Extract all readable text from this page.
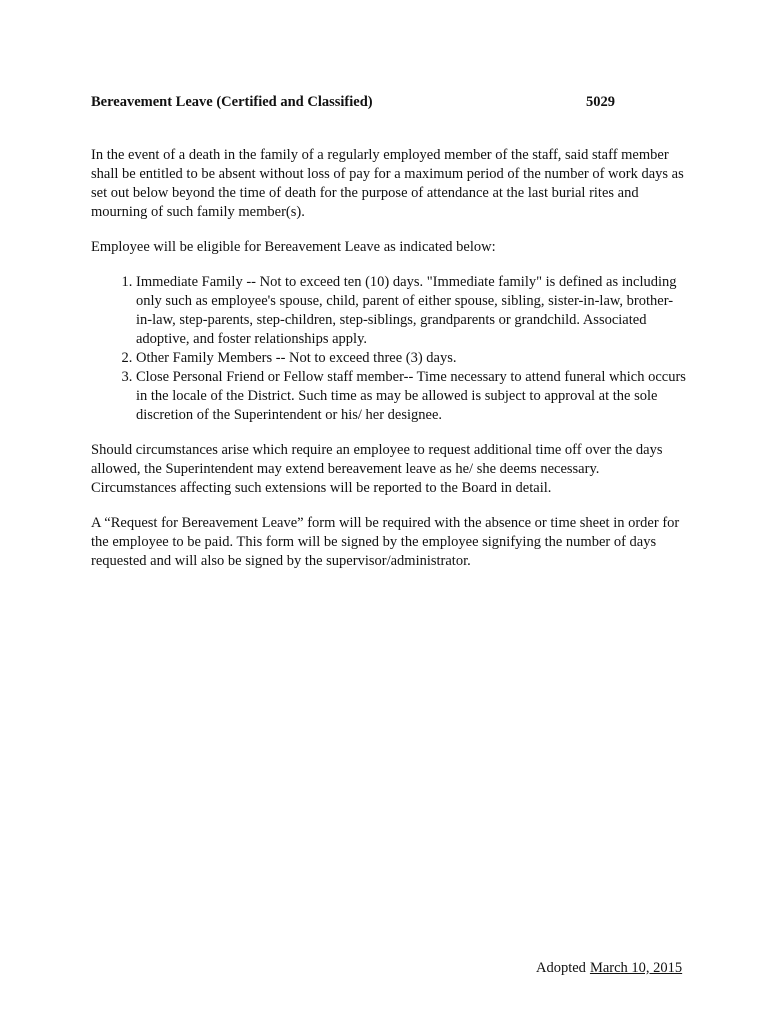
Bereavement Leave (Certified and Classified)	5029

In the event of a death in the family of a regularly employed member of the staff, said staff member shall be entitled to be absent without loss of pay for a maximum period of the number of work days as set out below beyond the time of death for the purpose of attendance at the last burial rites and mourning of such family member(s).

Employee will be eligible for Bereavement Leave as indicated below:

1. Immediate Family -- Not to exceed ten (10) days. "Immediate family" is defined as including only such as employee's spouse, child, parent of either spouse, sibling, sister-in-law, brother-in-law, step-parents, step-children, step-siblings, grandparents or grandchild. Associated adoptive, and foster relationships apply.
2. Other Family Members -- Not to exceed three (3) days.
3. Close Personal Friend or Fellow staff member-- Time necessary to attend funeral which occurs in the locale of the District. Such time as may be allowed is subject to approval at the sole discretion of the Superintendent or his/ her designee.

Should circumstances arise which require an employee to request additional time off over the days allowed, the Superintendent may extend bereavement leave as he/ she deems necessary. Circumstances affecting such extensions will be reported to the Board in detail.

A “Request for Bereavement Leave” form will be required with the absence or time sheet in order for the employee to be paid. This form will be signed by the employee signifying the number of days requested and will also be signed by the supervisor/administrator.

Adopted March 10, 2015
